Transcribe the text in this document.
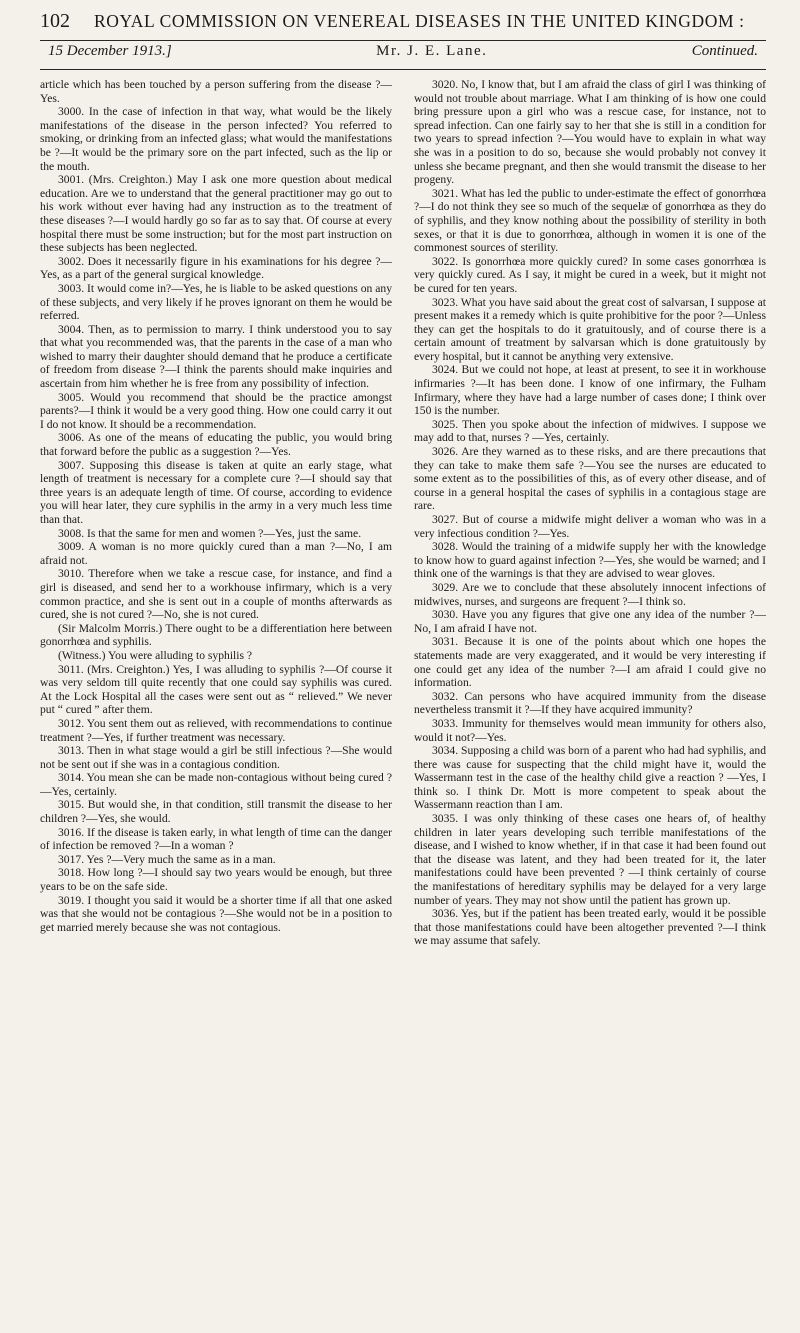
102	ROYAL COMMISSION ON VENEREAL DISEASES IN THE UNITED KINGDOM :
15 December 1913.]	Mr. J. E. Lane.	Continued.

article which has been touched by a person suffering from the disease ?—Yes.

3000. In the case of infection in that way, what would be the likely manifestations of the disease in the person infected? You referred to smoking, or drinking from an infected glass; what would the manifestations be ?—It would be the primary sore on the part infected, such as the lip or the mouth.

3001. (Mrs. Creighton.) May I ask one more question about medical education. Are we to understand that the general practitioner may go out to his work without ever having had any instruction as to the treatment of these diseases ?—I would hardly go so far as to say that. Of course at every hospital there must be some instruction; but for the most part instruction on these subjects has been neglected.

3002. Does it necessarily figure in his examinations for his degree ?—Yes, as a part of the general surgical knowledge.

3003. It would come in?—Yes, he is liable to be asked questions on any of these subjects, and very likely if he proves ignorant on them he would be referred.

3004. Then, as to permission to marry. I think understood you to say that what you recommended was, that the parents in the case of a man who wished to marry their daughter should demand that he produce a certificate of freedom from disease ?—I think the parents should make inquiries and ascertain from him whether he is free from any possibility of infection.

3005. Would you recommend that should be the practice amongst parents?—I think it would be a very good thing. How one could carry it out I do not know. It should be a recommendation.

3006. As one of the means of educating the public, you would bring that forward before the public as a suggestion ?—Yes.

3007. Supposing this disease is taken at quite an early stage, what length of treatment is necessary for a complete cure ?—I should say that three years is an adequate length of time. Of course, according to evidence you will hear later, they cure syphilis in the army in a very much less time than that.

3008. Is that the same for men and women ?—Yes, just the same.

3009. A woman is no more quickly cured than a man ?—No, I am afraid not.

3010. Therefore when we take a rescue case, for instance, and find a girl is diseased, and send her to a workhouse infirmary, which is a very common practice, and she is sent out in a couple of months afterwards as cured, she is not cured ?—No, she is not cured.

(Sir Malcolm Morris.) There ought to be a differentiation here between gonorrhœa and syphilis.

(Witness.) You were alluding to syphilis ?

3011. (Mrs. Creighton.) Yes, I was alluding to syphilis ?—Of course it was very seldom till quite recently that one could say syphilis was cured. At the Lock Hospital all the cases were sent out as “ relieved.” We never put “ cured ” after them.

3012. You sent them out as relieved, with recommendations to continue treatment ?—Yes, if further treatment was necessary.

3013. Then in what stage would a girl be still infectious ?—She would not be sent out if she was in a contagious condition.

3014. You mean she can be made non-contagious without being cured ?—Yes, certainly.

3015. But would she, in that condition, still transmit the disease to her children ?—Yes, she would.

3016. If the disease is taken early, in what length of time can the danger of infection be removed ?—In a woman ?

3017. Yes ?—Very much the same as in a man.

3018. How long ?—I should say two years would be enough, but three years to be on the safe side.

3019. I thought you said it would be a shorter time if all that one asked was that she would not be contagious ?—She would not be in a position to get married merely because she was not contagious.

3020. No, I know that, but I am afraid the class of girl I was thinking of would not trouble about marriage. What I am thinking of is how one could bring pressure upon a girl who was a rescue case, for instance, not to spread infection. Can one fairly say to her that she is still in a condition for two years to spread infection ?—You would have to explain in what way she was in a position to do so, because she would probably not convey it unless she became pregnant, and then she would transmit the disease to her progeny.

3021. What has led the public to under-estimate the effect of gonorrhœa ?—I do not think they see so much of the sequelæ of gonorrhœa as they do of syphilis, and they know nothing about the possibility of sterility in both sexes, or that it is due to gonorrhœa, although in women it is one of the commonest sources of sterility.

3022. Is gonorrhœa more quickly cured? In some cases gonorrhœa is very quickly cured. As I say, it might be cured in a week, but it might not be cured for ten years.

3023. What you have said about the great cost of salvarsan, I suppose at present makes it a remedy which is quite prohibitive for the poor ?—Unless they can get the hospitals to do it gratuitously, and of course there is a certain amount of treatment by salvarsan which is done gratuitously by every hospital, but it cannot be anything very extensive.

3024. But we could not hope, at least at present, to see it in workhouse infirmaries ?—It has been done. I know of one infirmary, the Fulham Infirmary, where they have had a large number of cases done; I think over 150 is the number.

3025. Then you spoke about the infection of midwives. I suppose we may add to that, nurses ? —Yes, certainly.

3026. Are they warned as to these risks, and are there precautions that they can take to make them safe ?—You see the nurses are educated to some extent as to the possibilities of this, as of every other disease, and of course in a general hospital the cases of syphilis in a contagious stage are rare.

3027. But of course a midwife might deliver a woman who was in a very infectious condition ?—Yes.

3028. Would the training of a midwife supply her with the knowledge to know how to guard against infection ?—Yes, she would be warned; and I think one of the warnings is that they are advised to wear gloves.

3029. Are we to conclude that these absolutely innocent infections of midwives, nurses, and surgeons are frequent ?—I think so.

3030. Have you any figures that give one any idea of the number ?—No, I am afraid I have not.

3031. Because it is one of the points about which one hopes the statements made are very exaggerated, and it would be very interesting if one could get any idea of the number ?—I am afraid I could give no information.

3032. Can persons who have acquired immunity from the disease nevertheless transmit it ?—If they have acquired immunity?

3033. Immunity for themselves would mean immunity for others also, would it not?—Yes.

3034. Supposing a child was born of a parent who had had syphilis, and there was cause for suspecting that the child might have it, would the Wassermann test in the case of the healthy child give a reaction ? —Yes, I think so. I think Dr. Mott is more competent to speak about the Wassermann reaction than I am.

3035. I was only thinking of these cases one hears of, of healthy children in later years developing such terrible manifestations of the disease, and I wished to know whether, if in that case it had been found out that the disease was latent, and they had been treated for it, the later manifestations could have been prevented ? —I think certainly of course the manifestations of hereditary syphilis may be delayed for a very large number of years. They may not show until the patient has grown up.

3036. Yes, but if the patient has been treated early, would it be possible that those manifestations could have been altogether prevented ?—I think we may assume that safely.
